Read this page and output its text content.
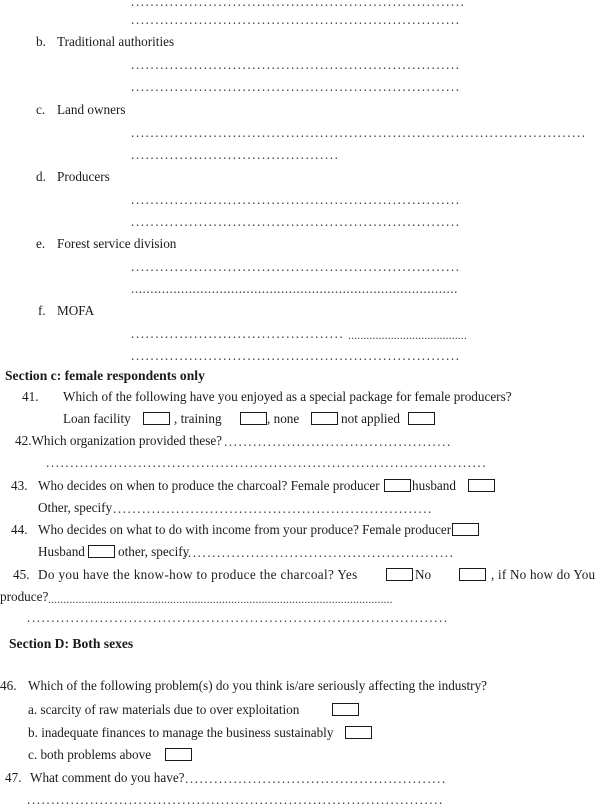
.....................................................................
....................................................................
b. Traditional authorities
....................................................................
....................................................................
c. Land owners
..............................................................................................
...........................................
d. Producers
....................................................................
....................................................................
e. Forest service division
....................................................................
.....................................................................................
f. MOFA
............................................ .......................................
....................................................................
Section c: female respondents only
41. Which of the following have you enjoyed as a special package for female producers?
Loan facility	, training	, none	not applied
42.Which organization provided these? ...............................................
...........................................................................................
43. Who decides on when to produce the charcoal? Female producer husband
Other, specify ..................................................................
44. Who decides on what to do with income from your produce? Female producer
Husband	other, specify
........................................................
45. Do you have the know-how to produce the charcoal? Yes	No	, if No how do You
produce? .................................................................................................................
.......................................................................................
Section D: Both sexes
46. Which of the following problem(s) do you think is/are seriously affecting the industry?
a. scarcity of raw materials due to over exploitation
b. inadequate finances to manage the business sustainably
c. both problems above
47. What comment do you have? ......................................................
......................................................................................
